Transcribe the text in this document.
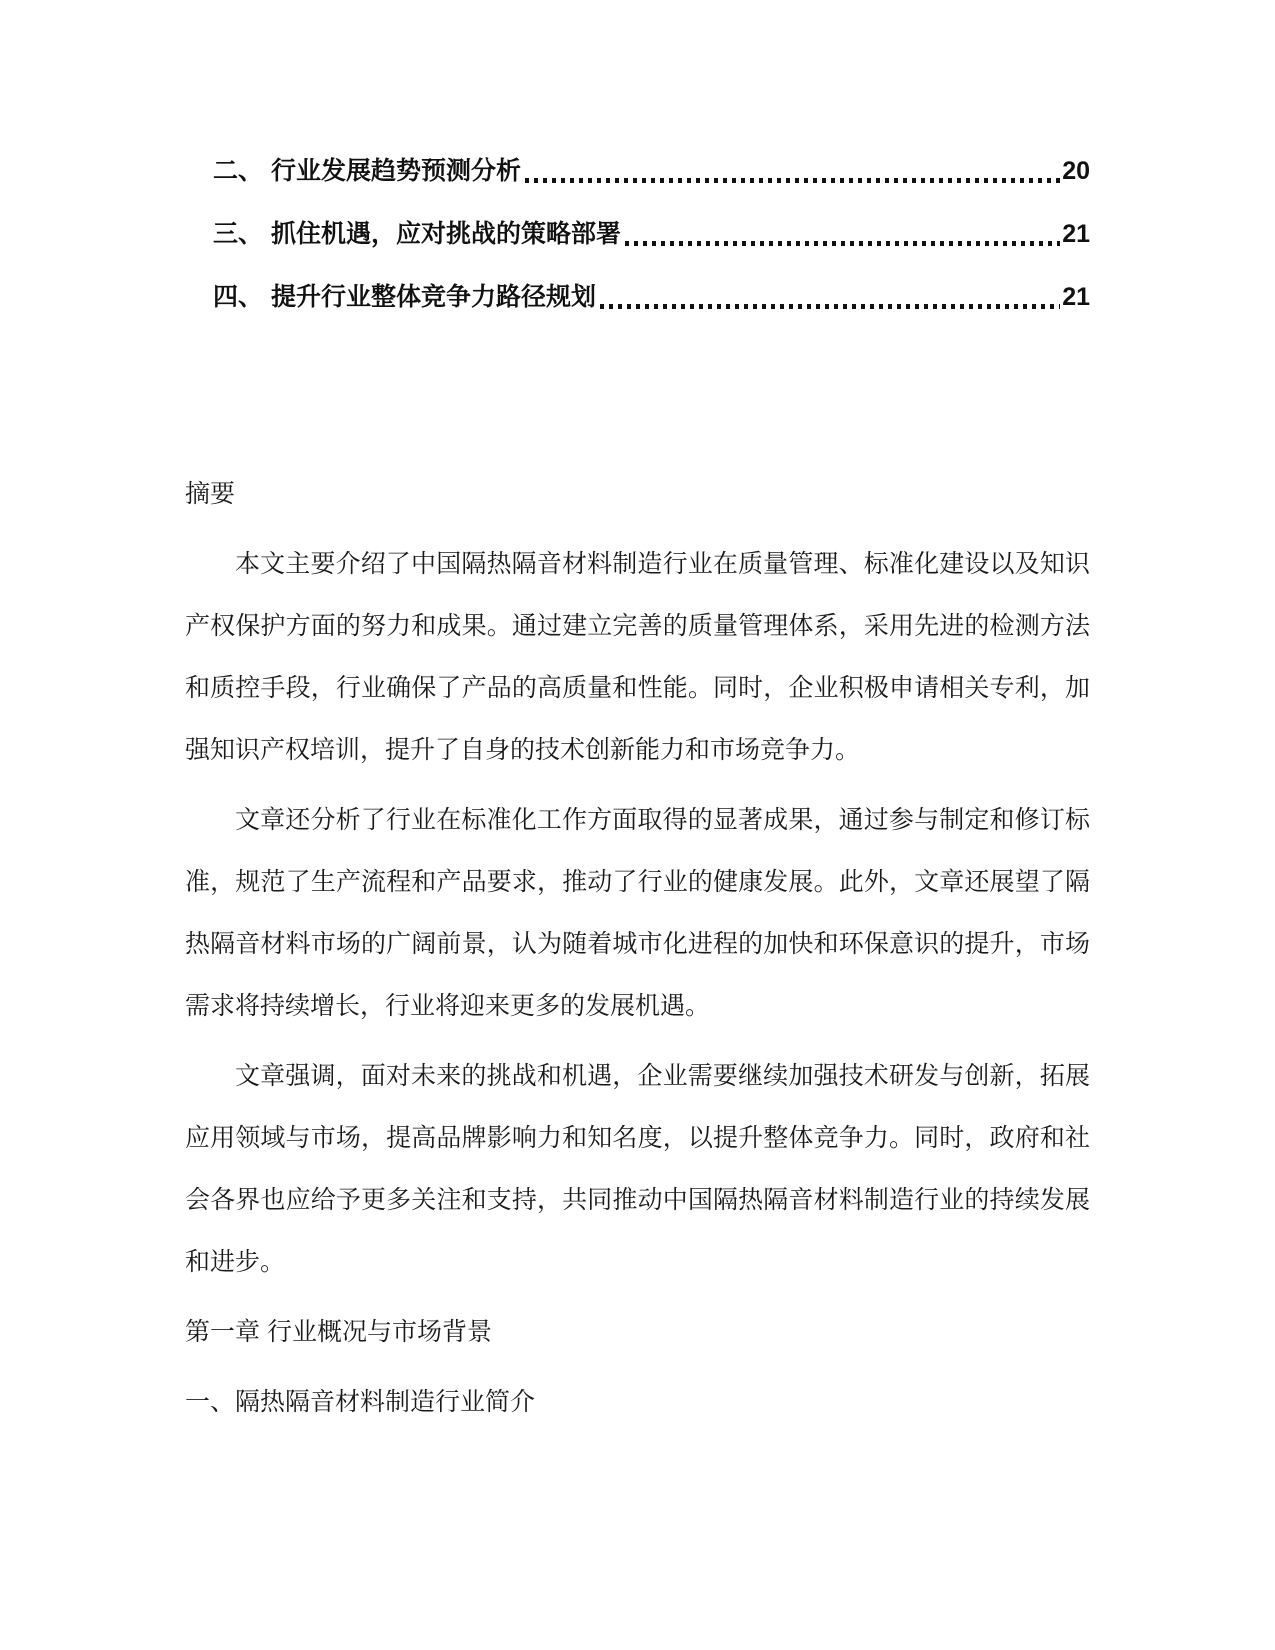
二、 行业发展趋势预测分析	20
三、 抓住机遇，应对挑战的策略部署	21
四、 提升行业整体竞争力路径规划	21
摘要
本文主要介绍了中国隔热隔音材料制造行业在质量管理、标准化建设以及知识
产权保护方面的努力和成果。通过建立完善的质量管理体系，采用先进的检测方法
和质控手段，行业确保了产品的高质量和性能。同时，企业积极申请相关专利，加
强知识产权培训，提升了自身的技术创新能力和市场竞争力。
文章还分析了行业在标准化工作方面取得的显著成果，通过参与制定和修订标
准，规范了生产流程和产品要求，推动了行业的健康发展。此外，文章还展望了隔
热隔音材料市场的广阔前景，认为随着城市化进程的加快和环保意识的提升，市场
需求将持续增长，行业将迎来更多的发展机遇。
文章强调，面对未来的挑战和机遇，企业需要继续加强技术研发与创新，拓展
应用领域与市场，提高品牌影响力和知名度，以提升整体竞争力。同时，政府和社
会各界也应给予更多关注和支持，共同推动中国隔热隔音材料制造行业的持续发展
和进步。
第一章 行业概况与市场背景
一、隔热隔音材料制造行业简介
